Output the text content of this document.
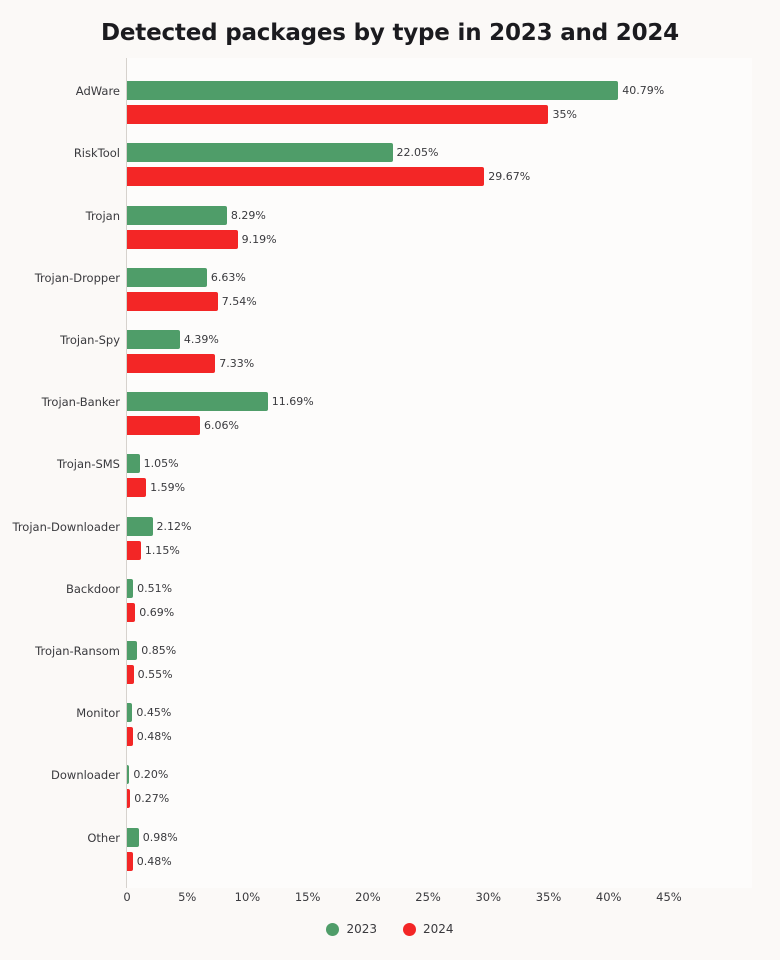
Detected packages by type in 2023 and 2024
AdWare
RiskTool
Trojan
Trojan-Dropper
Trojan-Spy
Trojan-Banker
Trojan-SMS
Trojan-Downloader
Backdoor
Trojan-Ransom
Monitor
Downloader
Other
40.79%
35%
22.05%
29.67%
8.29%
9.19%
6.63%
7.54%
4.39%
7.33%
11.69%
6.06%
1.05%
1.59%
2.12%
1.15%
0.51%
0.69%
0.85%
0.55%
0.45%
0.48%
0.20%
0.27%
0.98%
0.48%
0	5%	10%	15%	20%	25%	30%	35%	40%	45%
2023	2024
